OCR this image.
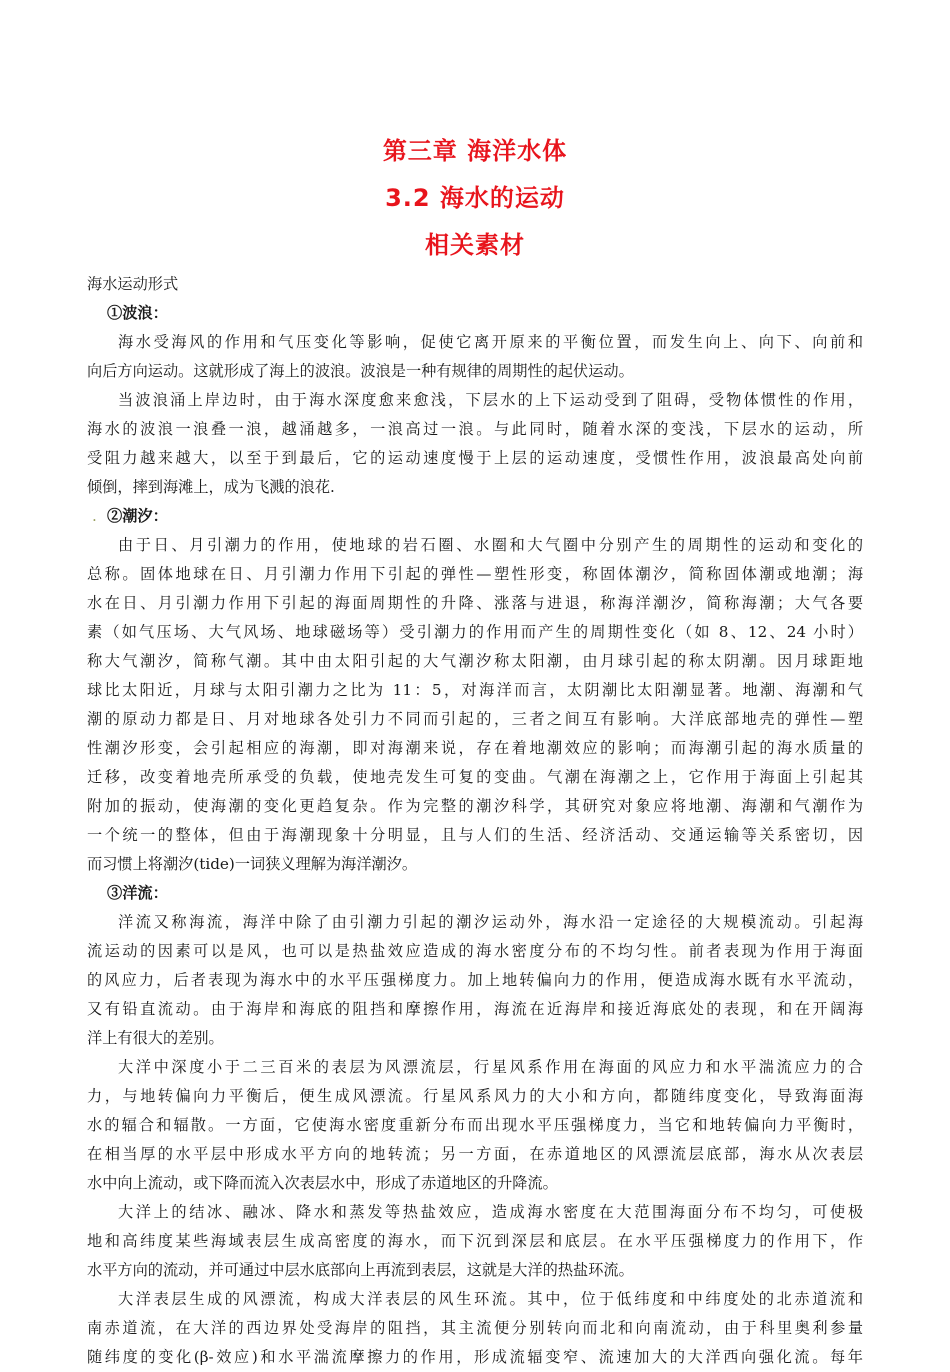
第三章 海洋水体
3.2 海水的运动
相关素材
海水运动形式
①波浪：
海水受海风的作用和气压变化等影响，促使它离开原来的平衡位置，而发生向上、向下、向前和
向后方向运动。这就形成了海上的波浪。波浪是一种有规律的周期性的起伏运动。
当波浪涌上岸边时，由于海水深度愈来愈浅，下层水的上下运动受到了阻碍，受物体惯性的作用，
海水的波浪一浪叠一浪，越涌越多，一浪高过一浪。与此同时，随着水深的变浅，下层水的运动，所
受阻力越来越大，以至于到最后，它的运动速度慢于上层的运动速度，受惯性作用，波浪最高处向前
倾倒，摔到海滩上，成为飞溅的浪花.
. ②潮汐：
由于日、月引潮力的作用，使地球的岩石圈、水圈和大气圈中分别产生的周期性的运动和变化的
总称。固体地球在日、月引潮力作用下引起的弹性—塑性形变，称固体潮汐，简称固体潮或地潮；海
水在日、月引潮力作用下引起的海面周期性的升降、涨落与进退，称海洋潮汐，简称海潮；大气各要
素（如气压场、大气风场、地球磁场等）受引潮力的作用而产生的周期性变化（如 8、12、24 小时）
称大气潮汐，简称气潮。其中由太阳引起的大气潮汐称太阳潮，由月球引起的称太阴潮。因月球距地
球比太阳近，月球与太阳引潮力之比为 11：5，对海洋而言，太阴潮比太阳潮显著。地潮、海潮和气
潮的原动力都是日、月对地球各处引力不同而引起的，三者之间互有影响。大洋底部地壳的弹性—塑
性潮汐形变，会引起相应的海潮，即对海潮来说，存在着地潮效应的影响；而海潮引起的海水质量的
迁移，改变着地壳所承受的负载，使地壳发生可复的变曲。气潮在海潮之上，它作用于海面上引起其
附加的振动，使海潮的变化更趋复杂。作为完整的潮汐科学，其研究对象应将地潮、海潮和气潮作为
一个统一的整体，但由于海潮现象十分明显，且与人们的生活、经济活动、交通运输等关系密切，因
而习惯上将潮汐(tide)一词狭义理解为海洋潮汐。
③洋流：
洋流又称海流，海洋中除了由引潮力引起的潮汐运动外，海水沿一定途径的大规模流动。引起海
流运动的因素可以是风，也可以是热盐效应造成的海水密度分布的不均匀性。前者表现为作用于海面
的风应力，后者表现为海水中的水平压强梯度力。加上地转偏向力的作用，便造成海水既有水平流动，
又有铅直流动。由于海岸和海底的阻挡和摩擦作用，海流在近海岸和接近海底处的表现，和在开阔海
洋上有很大的差别。
大洋中深度小于二三百米的表层为风漂流层，行星风系作用在海面的风应力和水平湍流应力的合
力，与地转偏向力平衡后，便生成风漂流。行星风系风力的大小和方向，都随纬度变化，导致海面海
水的辐合和辐散。一方面，它使海水密度重新分布而出现水平压强梯度力，当它和地转偏向力平衡时，
在相当厚的水平层中形成水平方向的地转流；另一方面，在赤道地区的风漂流层底部，海水从次表层
水中向上流动，或下降而流入次表层水中，形成了赤道地区的升降流。
大洋上的结冰、融冰、降水和蒸发等热盐效应，造成海水密度在大范围海面分布不均匀，可使极
地和高纬度某些海域表层生成高密度的海水，而下沉到深层和底层。在水平压强梯度力的作用下，作
水平方向的流动，并可通过中层水底部向上再流到表层，这就是大洋的热盐环流。
大洋表层生成的风漂流，构成大洋表层的风生环流。其中，位于低纬度和中纬度处的北赤道流和
南赤道流，在大洋的西边界处受海岸的阻挡，其主流便分别转向而北和向南流动，由于科里奥利参量
随纬度的变化(β-效应)和水平湍流摩擦力的作用，形成流辐变窄、流速加大的大洋西向强化流。每年
